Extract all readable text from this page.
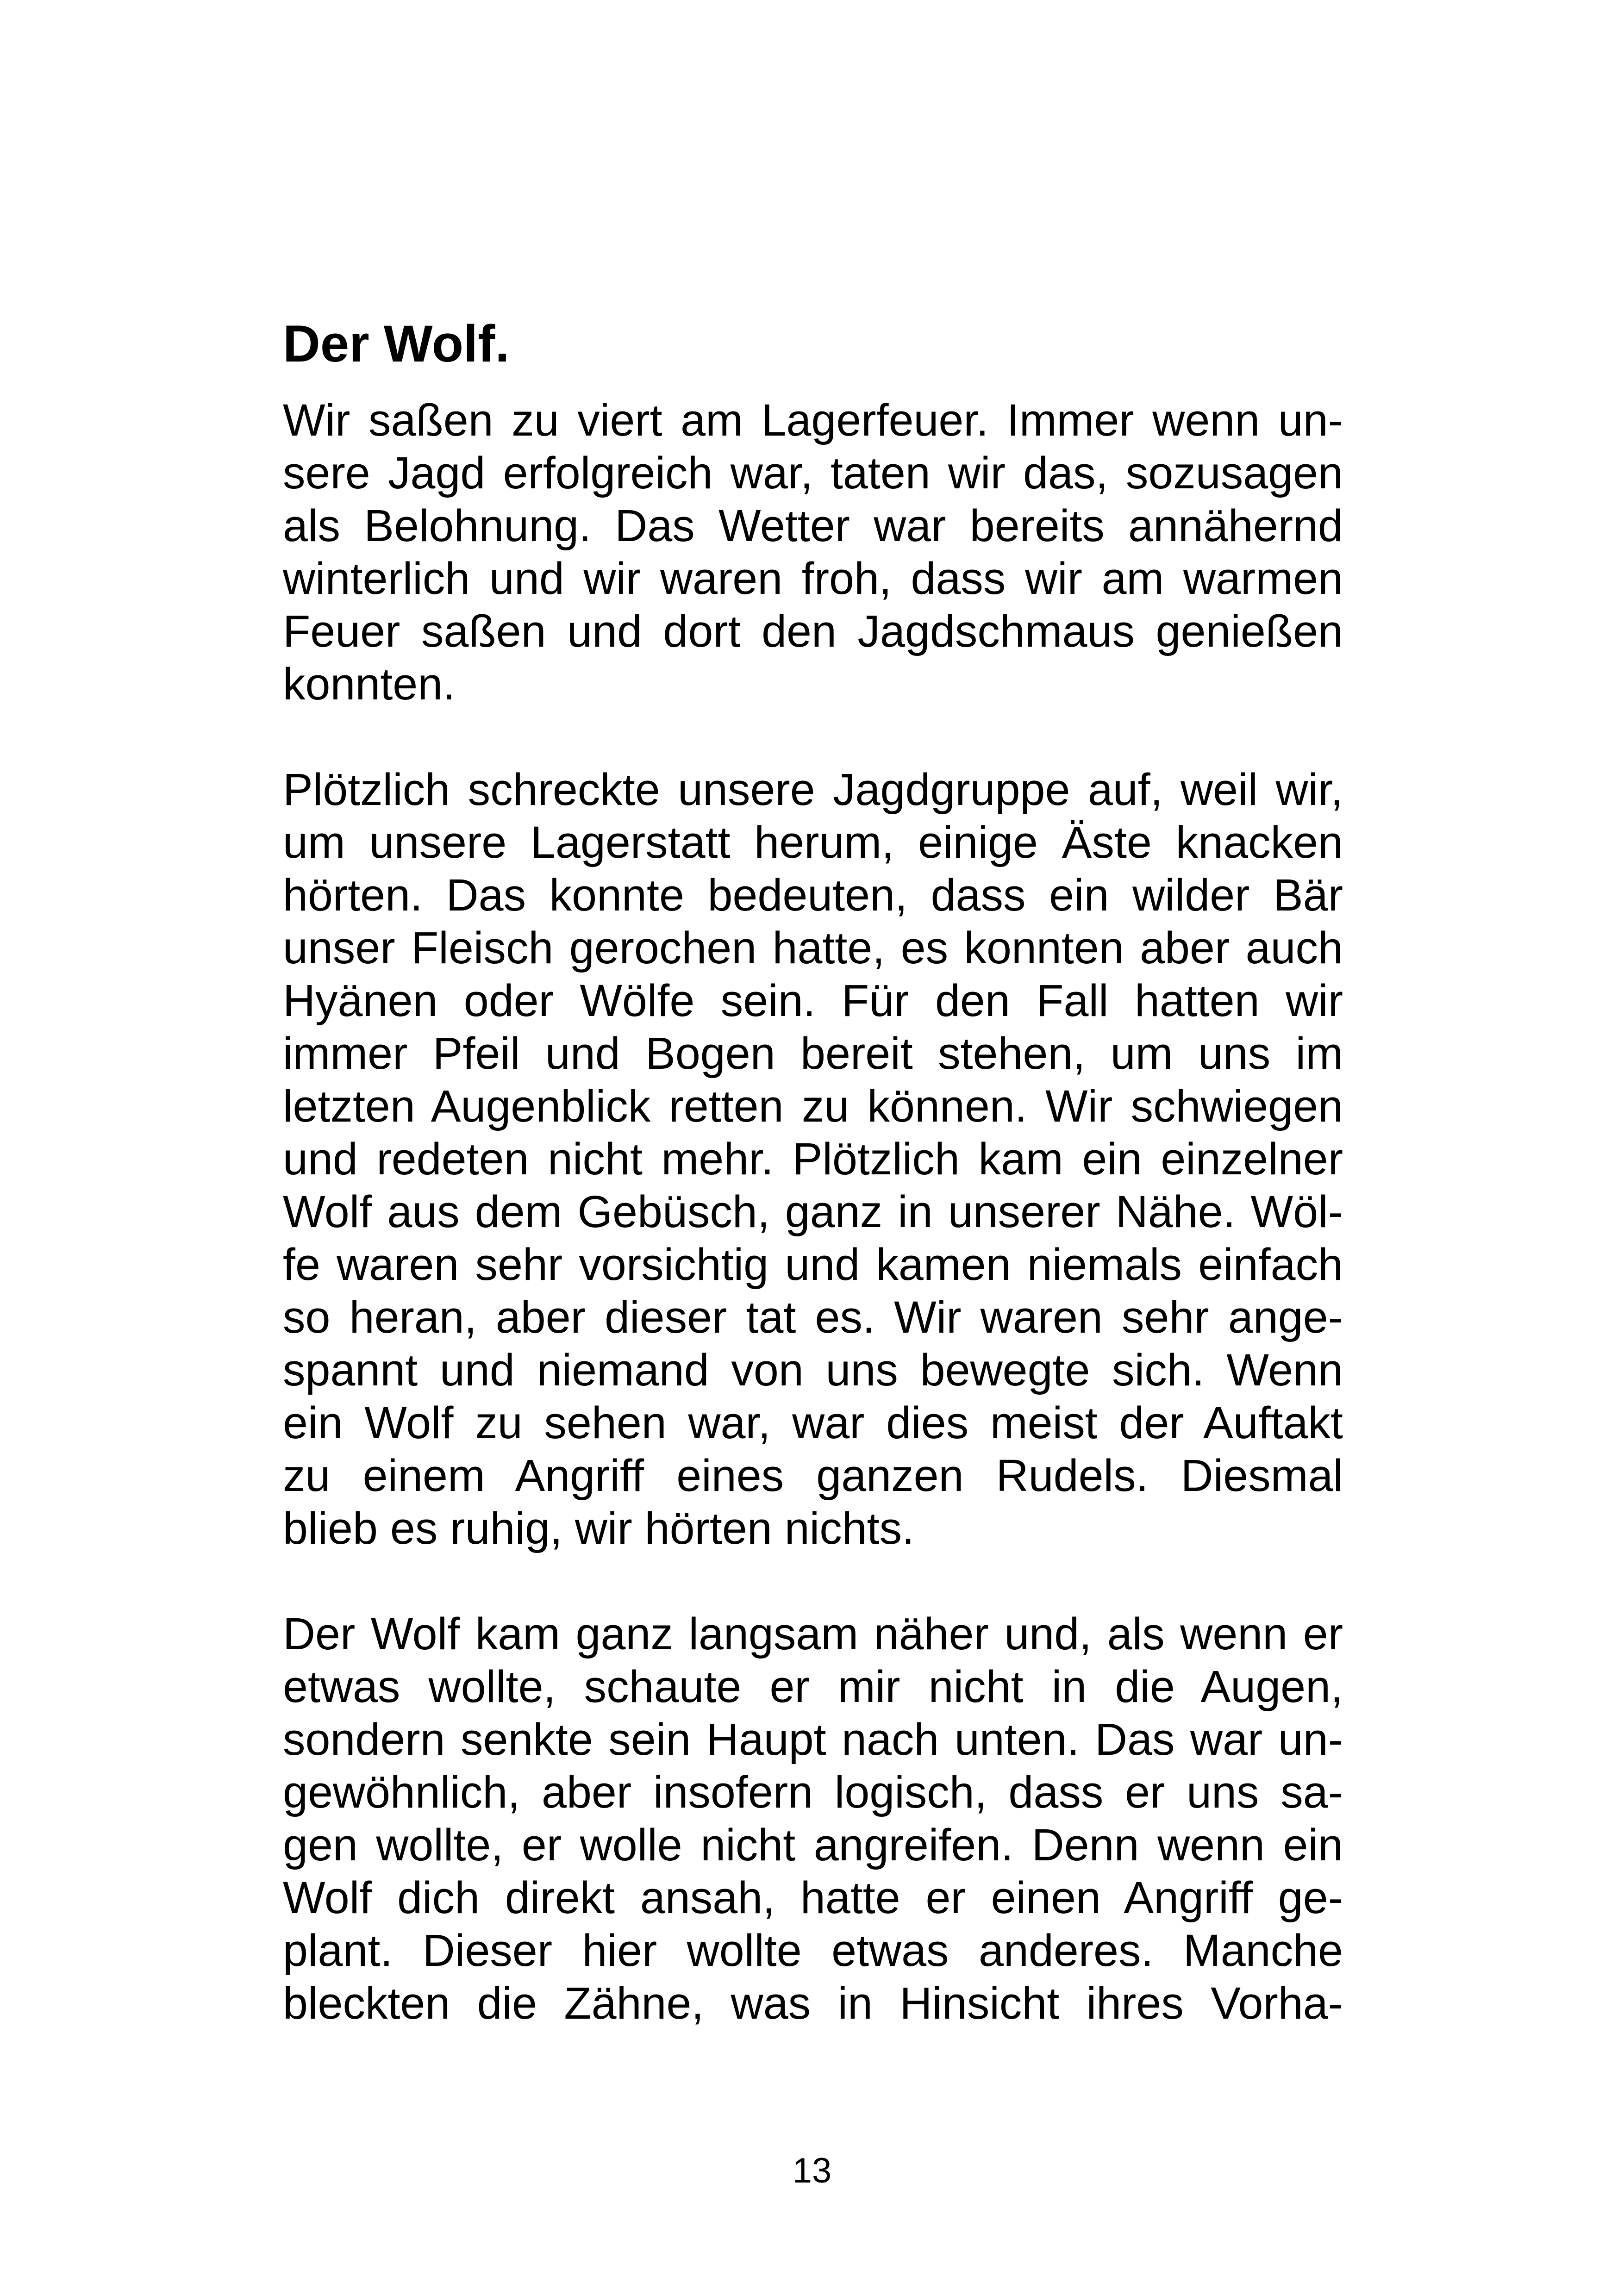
Der Wolf.

Wir saßen zu viert am Lagerfeuer. Immer wenn un-
sere Jagd erfolgreich war, taten wir das, sozusagen
als Belohnung. Das Wetter war bereits annähernd
winterlich und wir waren froh, dass wir am warmen
Feuer saßen und dort den Jagdschmaus genießen
konnten.

Plötzlich schreckte unsere Jagdgruppe auf, weil wir,
um unsere Lagerstatt herum, einige Äste knacken
hörten. Das konnte bedeuten, dass ein wilder Bär
unser Fleisch gerochen hatte, es konnten aber auch
Hyänen oder Wölfe sein. Für den Fall hatten wir
immer Pfeil und Bogen bereit stehen, um uns im
letzten Augenblick retten zu können. Wir schwiegen
und redeten nicht mehr. Plötzlich kam ein einzelner
Wolf aus dem Gebüsch, ganz in unserer Nähe. Wöl-
fe waren sehr vorsichtig und kamen niemals einfach
so heran, aber dieser tat es. Wir waren sehr ange-
spannt und niemand von uns bewegte sich. Wenn
ein Wolf zu sehen war, war dies meist der Auftakt
zu einem Angriff eines ganzen Rudels. Diesmal
blieb es ruhig, wir hörten nichts.

Der Wolf kam ganz langsam näher und, als wenn er
etwas wollte, schaute er mir nicht in die Augen,
sondern senkte sein Haupt nach unten. Das war un-
gewöhnlich, aber insofern logisch, dass er uns sa-
gen wollte, er wolle nicht angreifen. Denn wenn ein
Wolf dich direkt ansah, hatte er einen Angriff ge-
plant. Dieser hier wollte etwas anderes. Manche
bleckten die Zähne, was in Hinsicht ihres Vorha-

13
